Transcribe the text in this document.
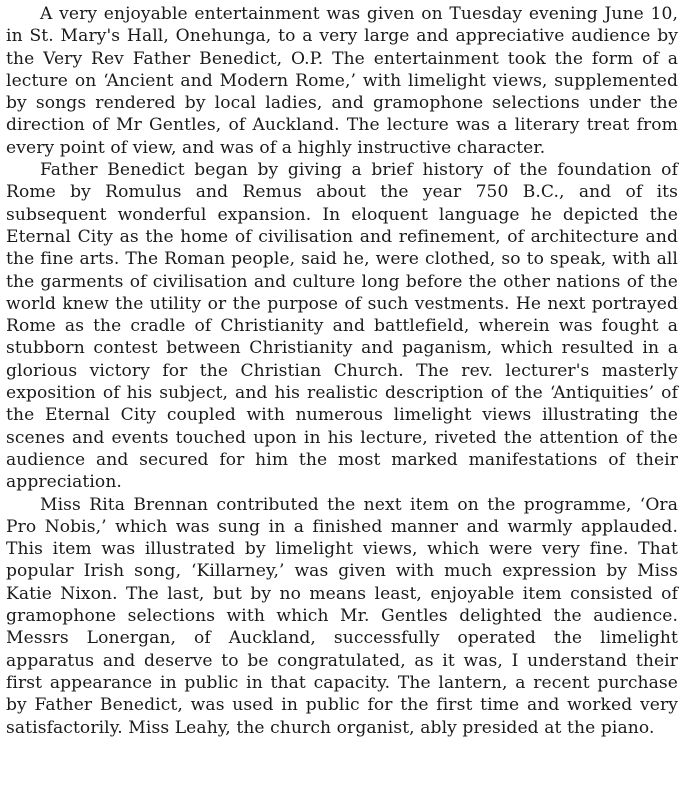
A very enjoyable entertainment was given on Tuesday evening June 10, in St. Mary's Hall, Onehunga, to a very large and appreciative audience by the Very Rev Father Benedict, O.P. The entertainment took the form of a lecture on ‘Ancient and Modern Rome,’ with limelight views, supplemented by songs rendered by local ladies, and gramophone selections under the direction of Mr Gentles, of Auckland. The lecture was a literary treat from every point of view, and was of a highly instructive character.

Father Benedict began by giving a brief history of the foundation of Rome by Romulus and Remus about the year 750 B.C., and of its subsequent wonderful expansion. In eloquent language he depicted the Eternal City as the home of civilisation and refinement, of architecture and the fine arts. The Roman people, said he, were clothed, so to speak, with all the garments of civilisation and culture long before the other nations of the world knew the utility or the purpose of such vestments. He next portrayed Rome as the cradle of Christianity and battlefield, wherein was fought a stubborn contest between Christianity and paganism, which resulted in a glorious victory for the Christian Church. The rev. lecturer's masterly exposition of his subject, and his realistic description of the ‘Antiquities’ of the Eternal City coupled with numerous limelight views illustrating the scenes and events touched upon in his lecture, riveted the attention of the audience and secured for him the most marked manifestations of their appreciation.

Miss Rita Brennan contributed the next item on the programme, ‘Ora Pro Nobis,’ which was sung in a finished manner and warmly applauded. This item was illustrated by limelight views, which were very fine. That popular Irish song, ‘Killarney,’ was given with much expression by Miss Katie Nixon. The last, but by no means least, enjoyable item consisted of gramophone selections with which Mr. Gentles delighted the audience. Messrs Lonergan, of Auckland, successfully operated the limelight apparatus and deserve to be congratulated, as it was, I understand their first appearance in public in that capacity. The lantern, a recent purchase by Father Benedict, was used in public for the first time and worked very satisfactorily. Miss Leahy, the church organist, ably presided at the piano.
